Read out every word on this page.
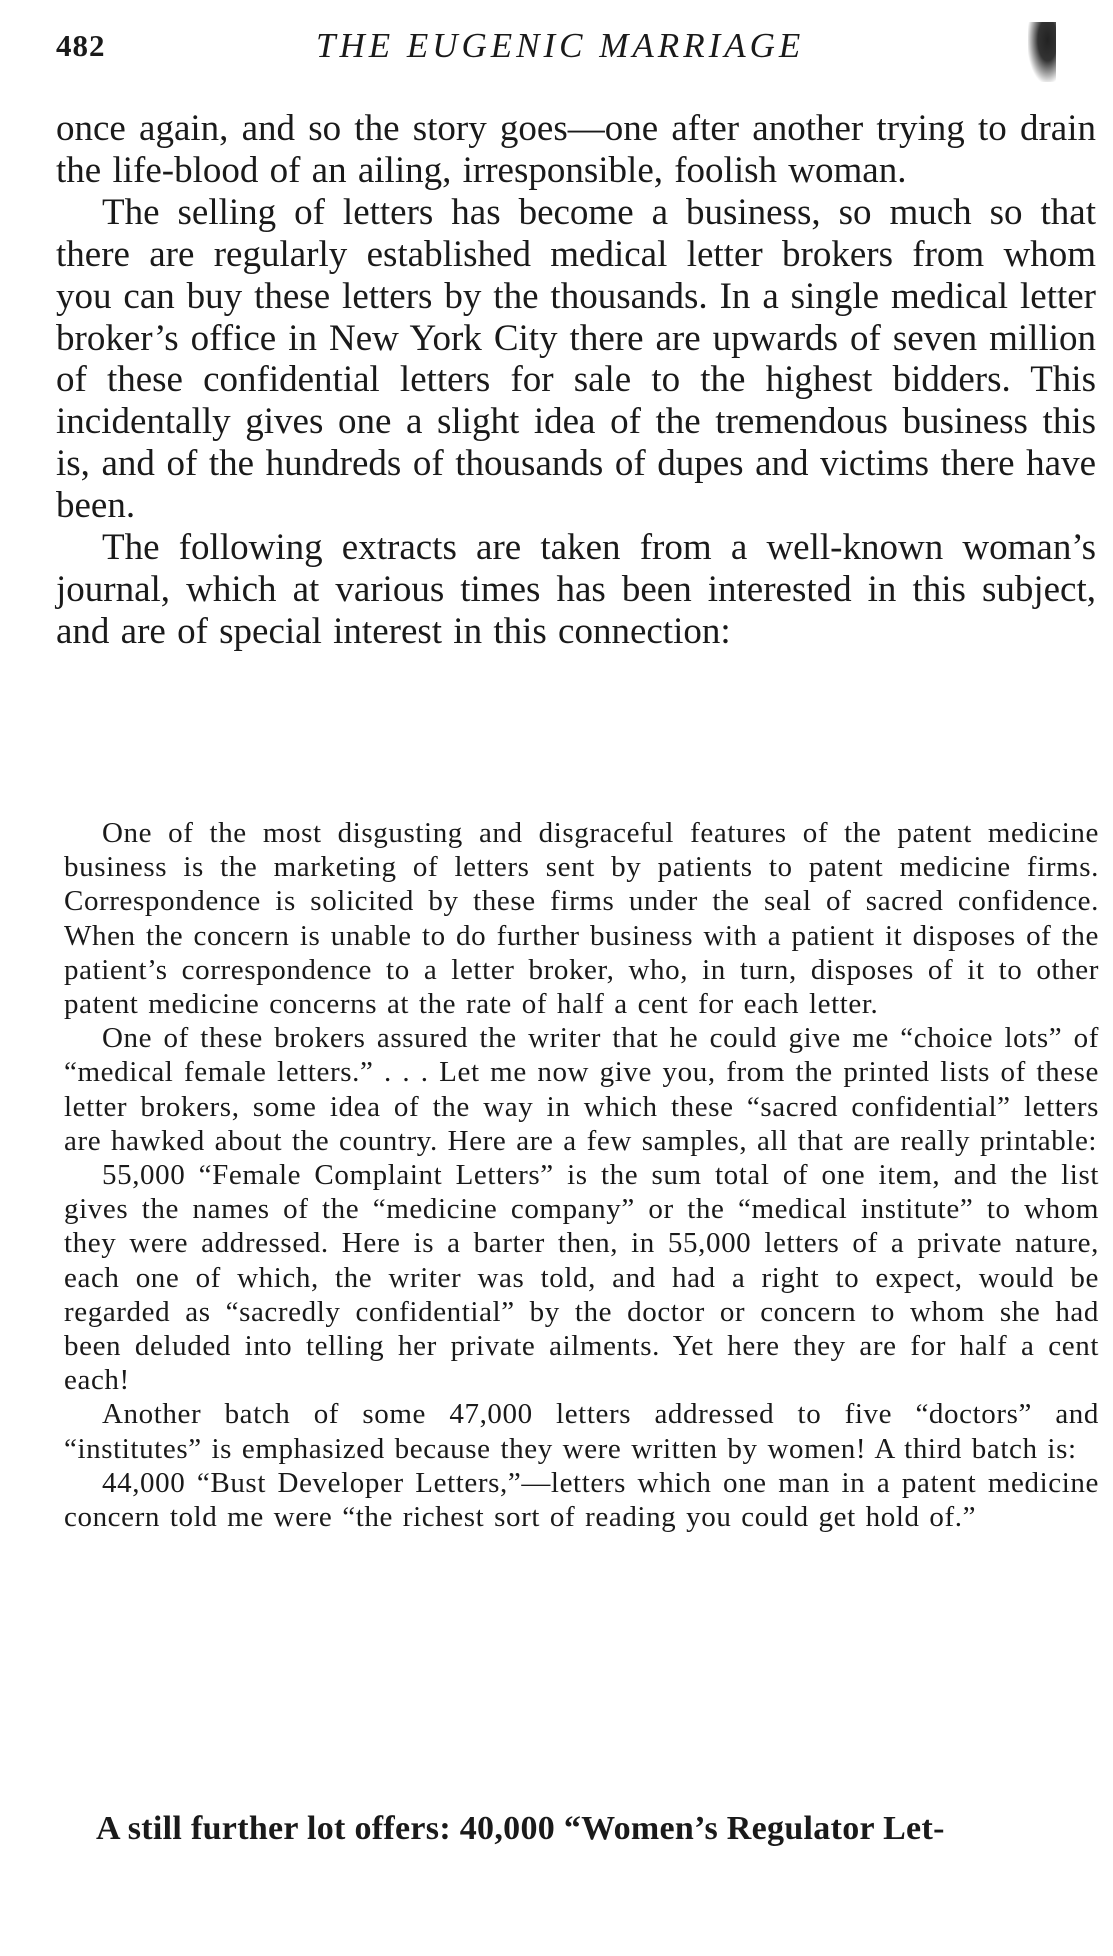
482	THE EUGENIC MARRIAGE

once again, and so the story goes—one after another trying to drain the life-blood of an ailing, irresponsible, foolish woman.

The selling of letters has become a business, so much so that there are regularly established medical letter brokers from whom you can buy these letters by the thousands. In a single medical letter broker’s office in New York City there are upwards of seven million of these confidential letters for sale to the highest bidders. This incidentally gives one a slight idea of the tremendous business this is, and of the hundreds of thousands of dupes and victims there have been.

The following extracts are taken from a well-known woman’s journal, which at various times has been interested in this subject, and are of special interest in this connection:

One of the most disgusting and disgraceful features of the patent medicine business is the marketing of letters sent by patients to patent medicine firms. Correspondence is solicited by these firms under the seal of sacred confidence. When the concern is unable to do further business with a patient it disposes of the patient’s correspondence to a letter broker, who, in turn, disposes of it to other patent medicine concerns at the rate of half a cent for each letter.

One of these brokers assured the writer that he could give me “choice lots” of “medical female letters.” . . . Let me now give you, from the printed lists of these letter brokers, some idea of the way in which these “sacred confidential” letters are hawked about the country. Here are a few samples, all that are really printable:

55,000 “Female Complaint Letters” is the sum total of one item, and the list gives the names of the “medicine company” or the “medical institute” to whom they were addressed. Here is a barter then, in 55,000 letters of a private nature, each one of which, the writer was told, and had a right to expect, would be regarded as “sacredly confidential” by the doctor or concern to whom she had been deluded into telling her private ailments. Yet here they are for half a cent each!

Another batch of some 47,000 letters addressed to five “doctors” and “institutes” is emphasized because they were written by women! A third batch is:

44,000 “Bust Developer Letters,”—letters which one man in a patent medicine concern told me were “the richest sort of reading you could get hold of.”

A still further lot offers: 40,000 “Women’s Regulator Let-
